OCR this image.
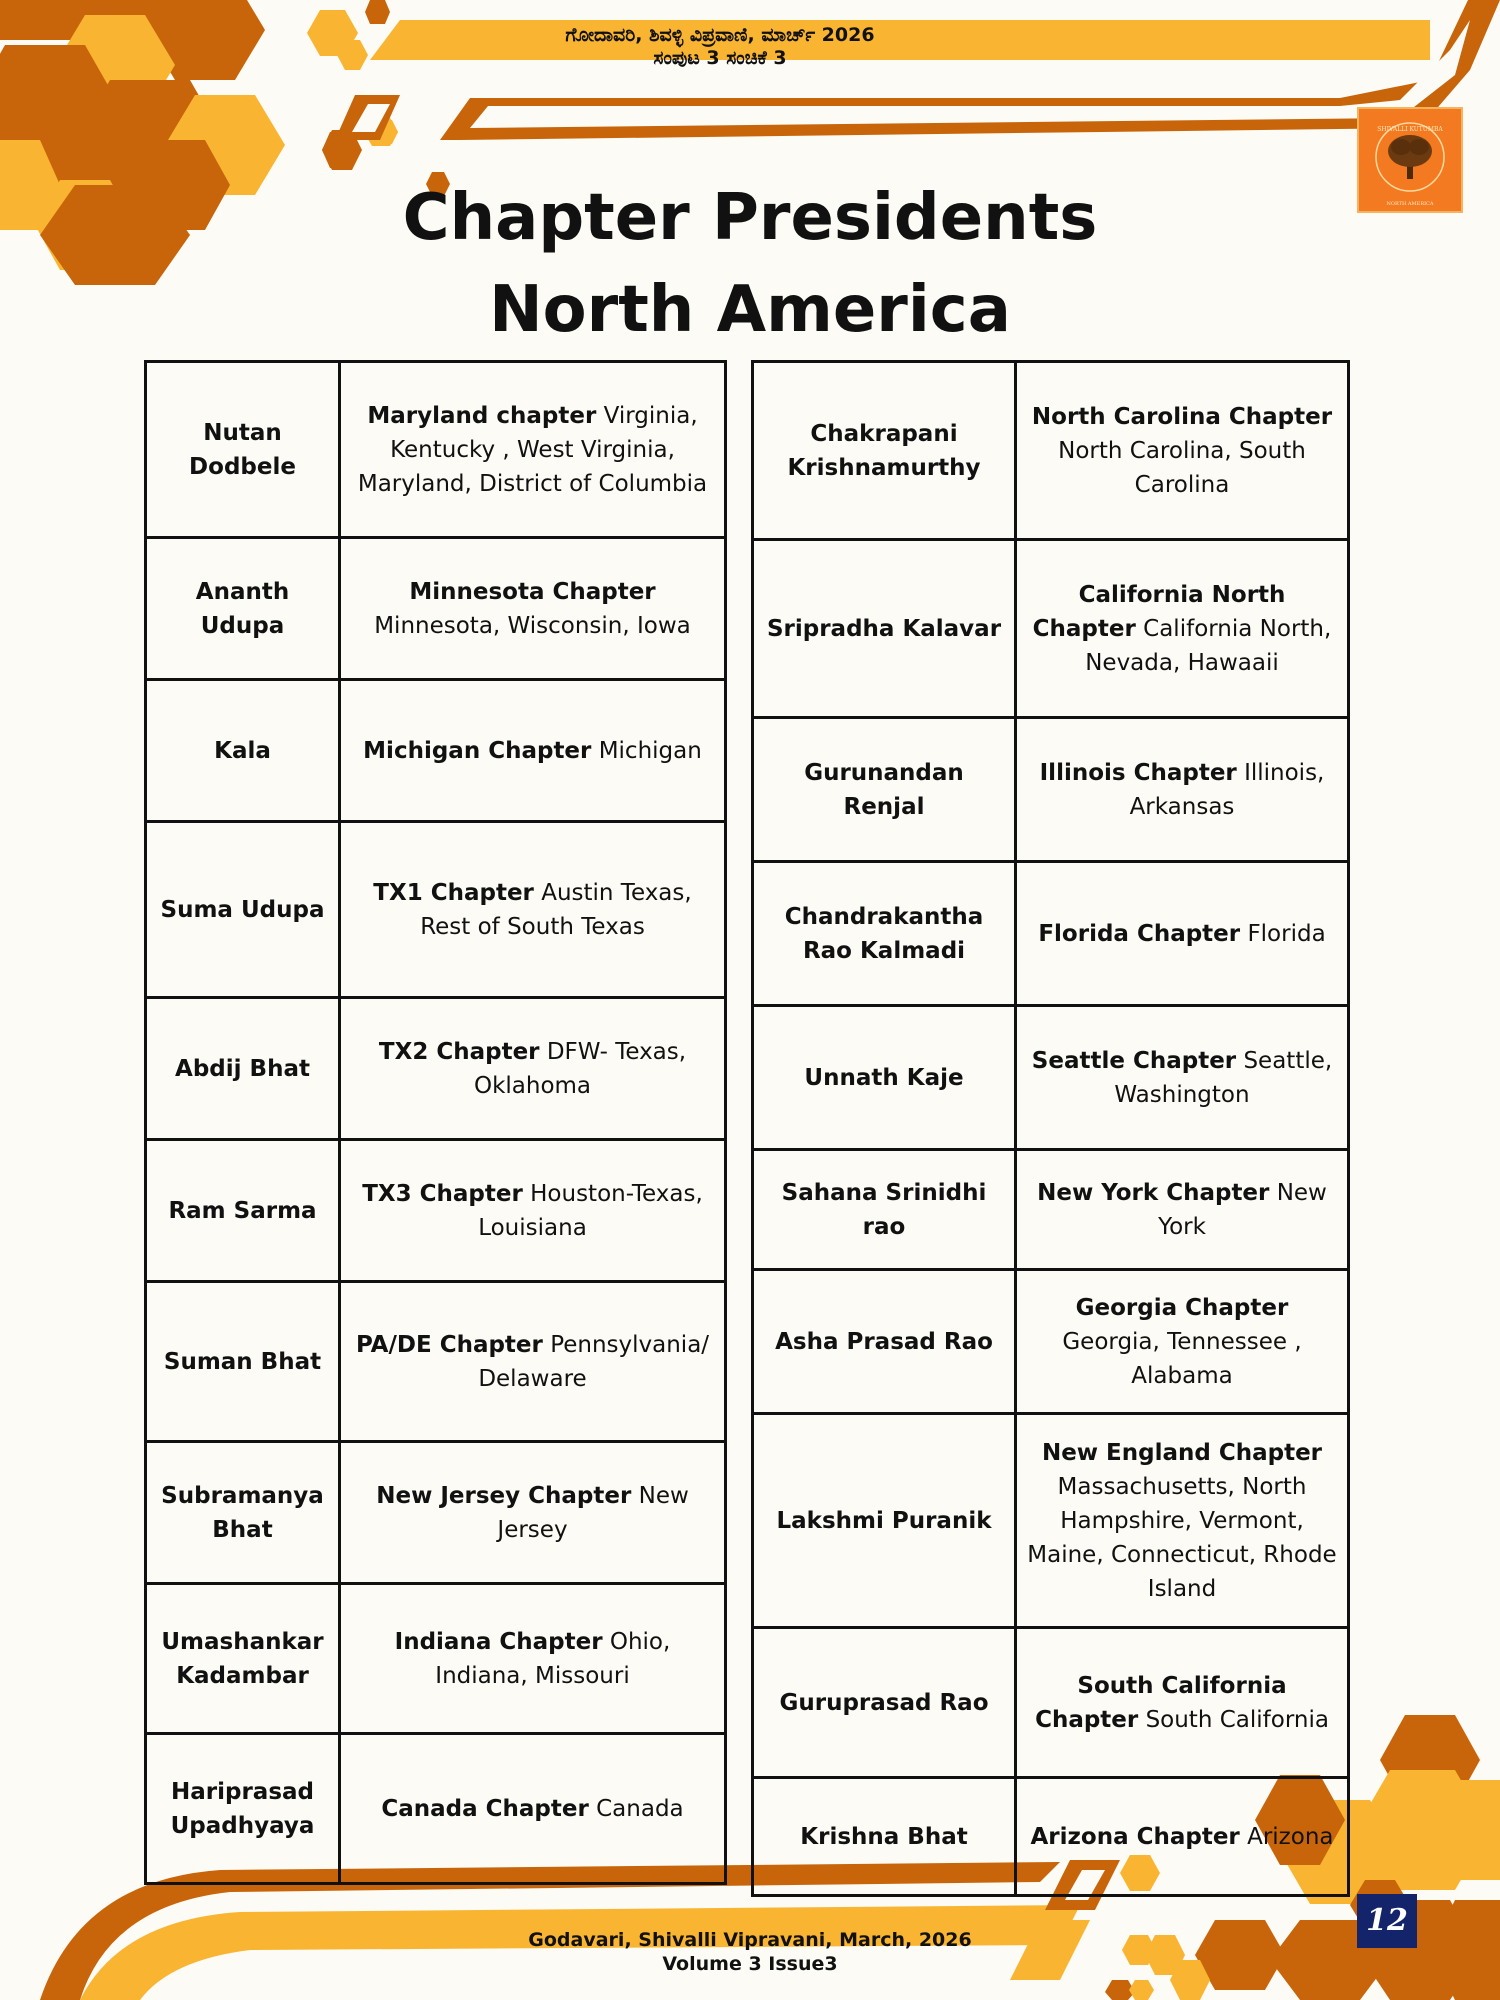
ಗೋದಾವರಿ, ಶಿವಳ್ಳಿ ವಿಪ್ರವಾಣಿ, ಮಾರ್ಚ್ 2026
ಸಂಪುಟ 3 ಸಂಚಿಕೆ 3
SHIVALLI KUTUMBA
NORTH AMERICA
Chapter Presidents
North America
Nutan Dodbele	Maryland chapter Virginia, Kentucky , West Virginia, Maryland, District of Columbia
Ananth Udupa	Minnesota Chapter Minnesota, Wisconsin, Iowa
Kala	Michigan Chapter Michigan
Suma Udupa	TX1 Chapter Austin Texas, Rest of South Texas
Abdij Bhat	TX2 Chapter DFW- Texas, Oklahoma
Ram Sarma	TX3 Chapter Houston-Texas, Louisiana
Suman Bhat	PA/DE Chapter Pennsylvania/ Delaware
Subramanya Bhat	New Jersey Chapter New Jersey
Umashankar Kadambar	Indiana Chapter Ohio, Indiana, Missouri
Hariprasad Upadhyaya	Canada Chapter Canada
Chakrapani Krishnamurthy	North Carolina Chapter North Carolina, South Carolina
Sripradha Kalavar	California North Chapter California North, Nevada, Hawaaii
Gurunandan Renjal	Illinois Chapter Illinois, Arkansas
Chandrakantha Rao Kalmadi	Florida Chapter Florida
Unnath Kaje	Seattle Chapter Seattle, Washington
Sahana Srinidhi rao	New York Chapter New York
Asha Prasad Rao	Georgia Chapter Georgia, Tennessee , Alabama
Lakshmi Puranik	New England Chapter Massachusetts, North Hampshire, Vermont, Maine, Connecticut, Rhode Island
Guruprasad Rao	South California Chapter South California
Krishna Bhat	Arizona Chapter Arizona
Godavari, Shivalli Vipravani, March, 2026
Volume 3 Issue3
12
